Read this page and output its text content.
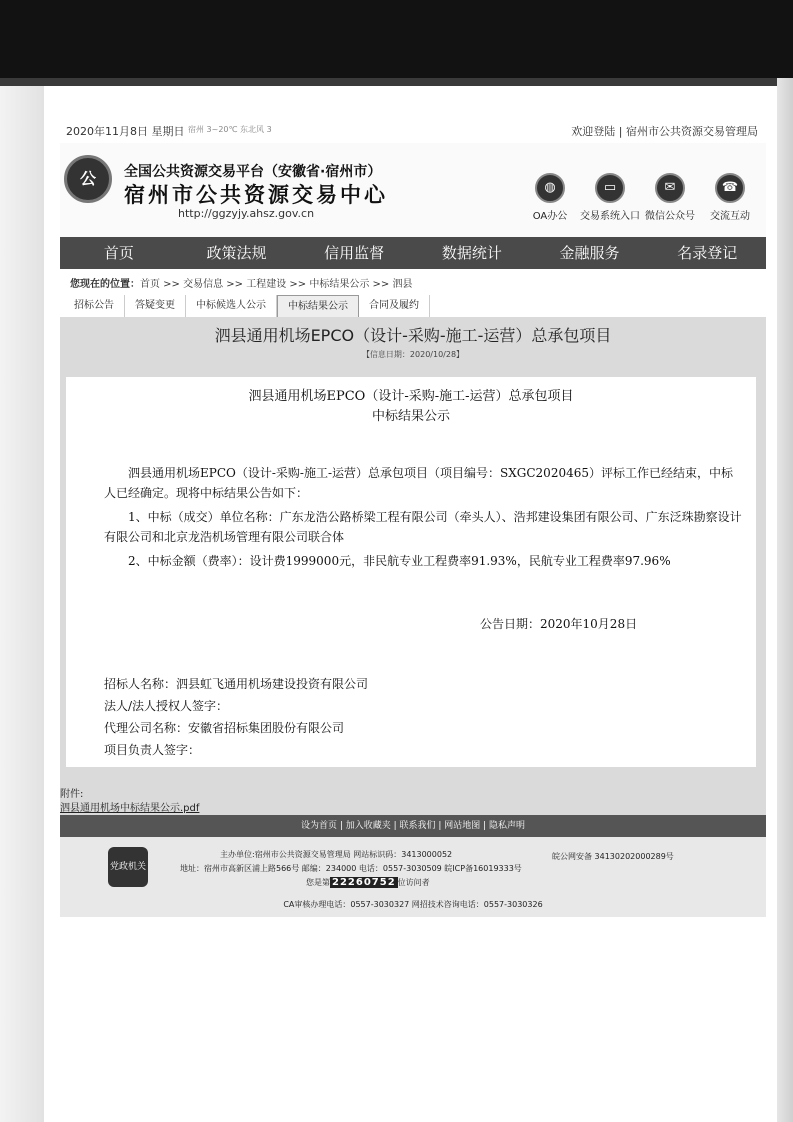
2020年11月8日 星期日 宿州 3~20℃ 东北风 3	欢迎登陆 | 宿州市公共资源交易管理局
公	全国公共资源交易平台（安徽省·宿州市）
宿州市公共资源交易中心
http://ggzyjy.ahsz.gov.cn
◍
OA办公
▭
交易系统入口
✉
微信公众号
☎
交流互动
首页	政策法规	信用监督	数据统计	金融服务	名录登记
您现在的位置：首页 >> 交易信息 >> 工程建设 >> 中标结果公示 >> 泗县
招标公告	答疑变更	中标候选人公示	中标结果公示	合同及履约
泗县通用机场EPCO（设计-采购-施工-运营）总承包项目
【信息日期：2020/10/28】
泗县通用机场EPCO（设计-采购-施工-运营）总承包项目
中标结果公示
泗县通用机场EPCO（设计-采购-施工-运营）总承包项目（项目编号：SXGC2020465）评标工作已经结束，中标人已经确定。现将中标结果公告如下：
1、中标（成交）单位名称：广东龙浩公路桥梁工程有限公司（牵头人）、浩邦建设集团有限公司、广东泛珠勘察设计有限公司和北京龙浩机场管理有限公司联合体
2、中标金额（费率）：设计费1999000元，非民航专业工程费率91.93%，民航专业工程费率97.96%
公告日期：2020年10月28日
招标人名称：泗县虹飞通用机场建设投资有限公司
法人/法人授权人签字：
代理公司名称：安徽省招标集团股份有限公司
项目负责人签字：
附件:
设为首页 | 加入收藏夹 | 联系我们 | 网站地图 | 隐私声明
党政机关
主办单位:宿州市公共资源交易管理局 网站标识码：3413000052
地址：宿州市高新区浦上路566号 邮编：234000 电话：0557-3030509 皖ICP备16019333号
皖公网安备 34130202000289号
您是第 22260752 位访问者
CA审核办理电话：0557-3030327 网招技术咨询电话：0557-3030326
泗县通用机场中标结果公示.pdf
